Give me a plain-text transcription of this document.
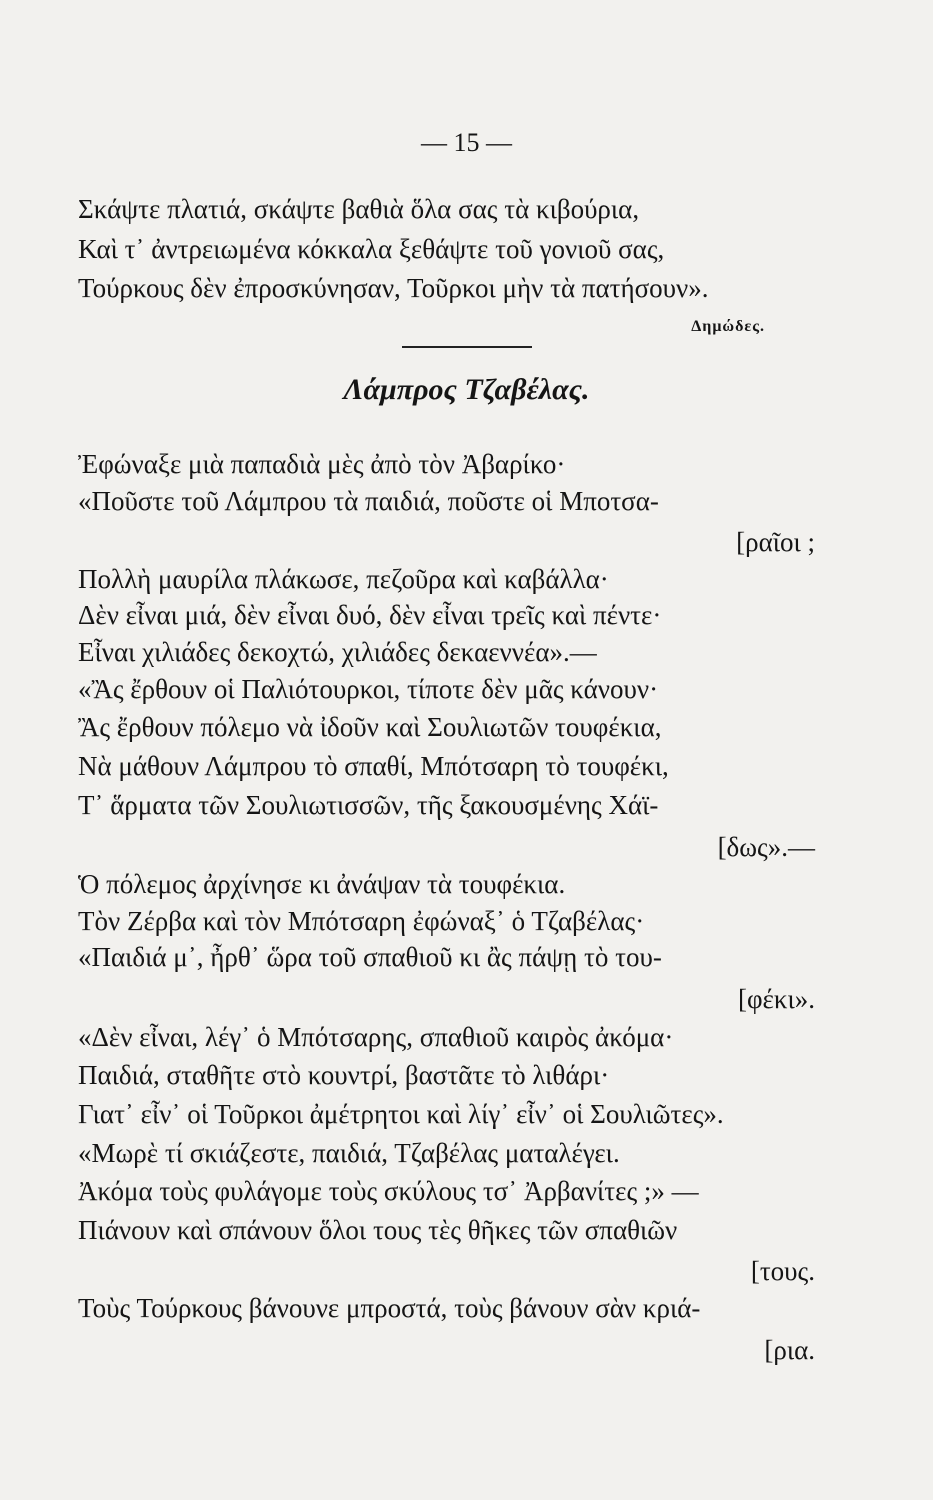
— 15 —
Σκάψτε πλατιά, σκάψτε βαθιὰ ὅλα σας τὰ κιβούρια,
Καὶ τ᾽ ἀντρειωμένα κόκκαλα ξεθάψτε τοῦ γονιοῦ σας,
Τούρκους δὲν ἐπροσκύνησαν, Τοῦρκοι μὴν τὰ πατήσουν».
Δημώδες.
Λάμπρος Τζαβέλας.
Ἐφώναξε μιὰ παπαδιὰ μὲς ἀπὸ τὸν Ἀβαρίκο·
«Ποῦστε τοῦ Λάμπρου τὰ παιδιά, ποῦστε οἱ Μποτσα-
[ραῖοι ;
Πολλὴ μαυρίλα πλάκωσε, πεζοῦρα καὶ καβάλλα·
Δὲν εἶναι μιά, δὲν εἶναι δυό, δὲν εἶναι τρεῖς καὶ πέντε·
Εἶναι χιλιάδες δεκοχτώ, χιλιάδες δεκαεννέα».—
«Ἂς ἔρθουν οἱ Παλιότουρκοι, τίποτε δὲν μᾶς κάνουν·
Ἂς ἔρθουν πόλεμο νὰ ἰδοῦν καὶ Σουλιωτῶν τουφέκια,
Νὰ μάθουν Λάμπρου τὸ σπαθί, Μπότσαρη τὸ τουφέκι,
Τ᾽ ἅρματα τῶν Σουλιωτισσῶν, τῆς ξακουσμένης Χάϊ-
[δως».—
Ὁ πόλεμος ἀρχίνησε κι ἀνάψαν τὰ τουφέκια.
Τὸν Ζέρβα καὶ τὸν Μπότσαρη ἐφώναξ᾽ ὁ Τζαβέλας·
«Παιδιά μ᾽, ἦρθ᾽ ὥρα τοῦ σπαθιοῦ κι ἂς πάψῃ τὸ του-
[φέκι».
«Δὲν εἶναι, λέγ᾽ ὁ Μπότσαρης, σπαθιοῦ καιρὸς ἀκόμα·
Παιδιά, σταθῆτε στὸ κουντρί, βαστᾶτε τὸ λιθάρι·
Γιατ᾽ εἶν᾽ οἱ Τοῦρκοι ἀμέτρητοι καὶ λίγ᾽ εἶν᾽ οἱ Σουλιῶτες».
«Μωρὲ τί σκιάζεστε, παιδιά, Τζαβέλας ματαλέγει.
Ἀκόμα τοὺς φυλάγομε τοὺς σκύλους τσ᾽ Ἀρβανίτες ;» —
Πιάνουν καὶ σπάνουν ὅλοι τους τὲς θῆκες τῶν σπαθιῶν
[τους.
Τοὺς Τούρκους βάνουνε μπροστά, τοὺς βάνουν σὰν κριά-
[ρια.
